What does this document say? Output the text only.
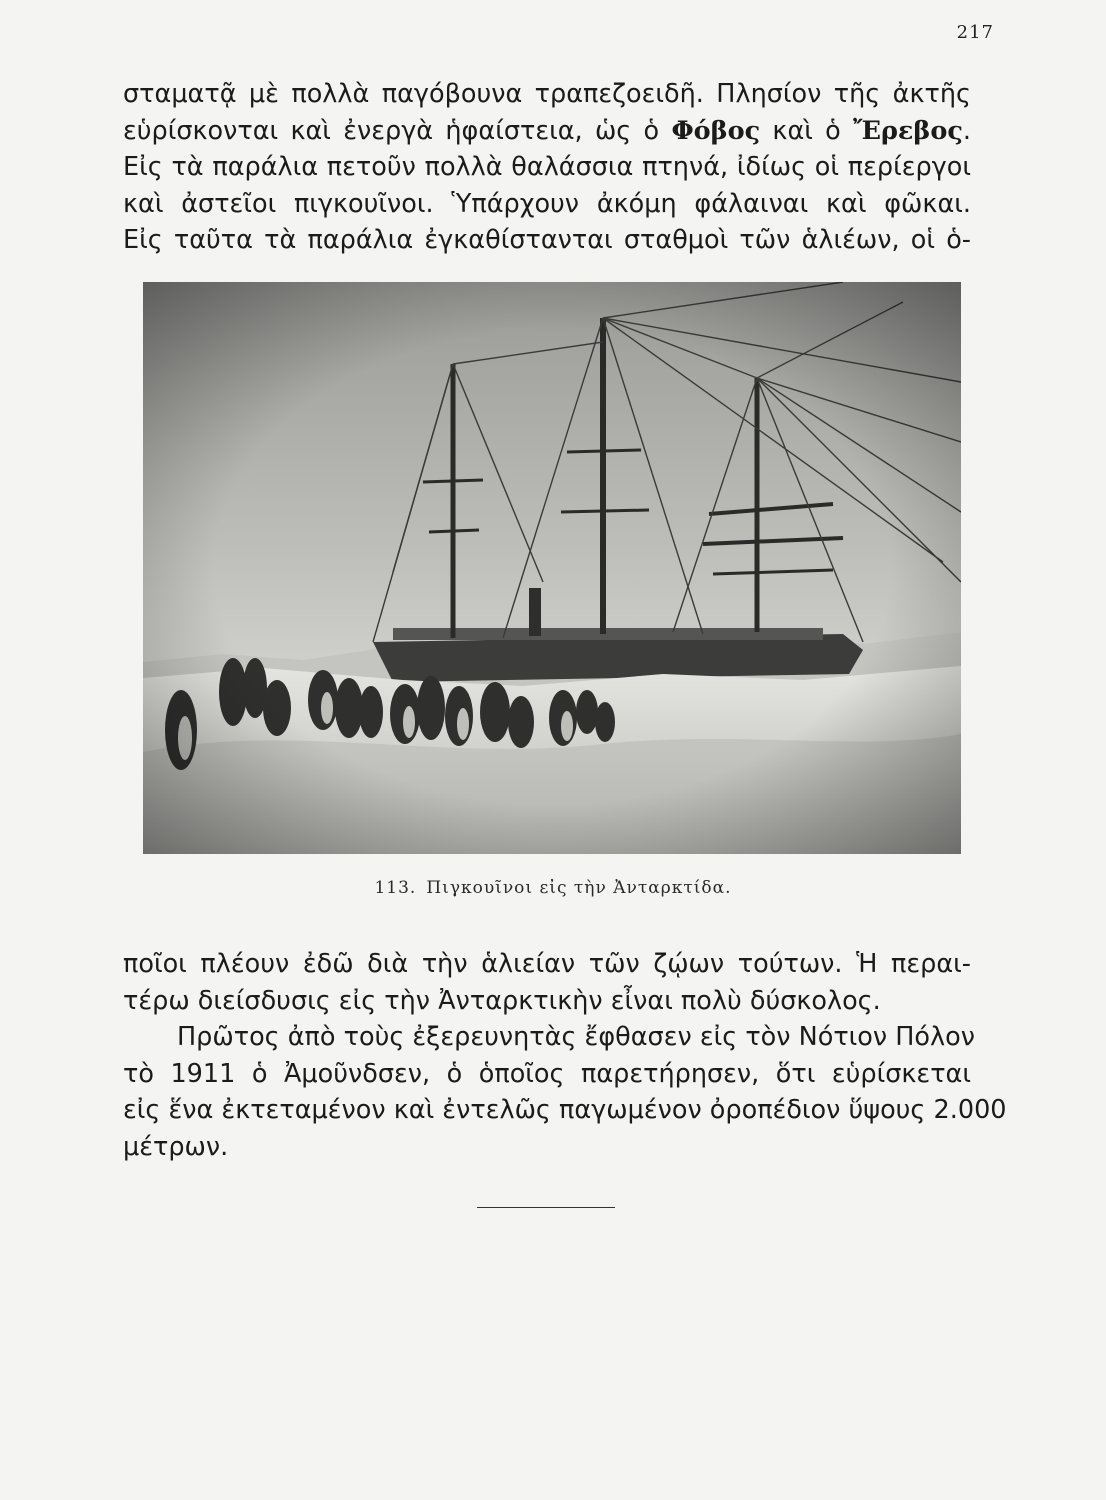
217
σταματᾷ μὲ πολλὰ παγόβουνα τραπεζοειδῆ. Πλησίον τῆς ἀκτῆς
εὑρίσκονται καὶ ἐνεργὰ ἡφαίστεια, ὡς ὁ Φόβος καὶ ὁ Ἔρεβος.
Εἰς τὰ παράλια πετοῦν πολλὰ θαλάσσια πτηνά, ἰδίως οἱ περίεργοι
καὶ ἀστεῖοι πιγκουῖνοι. Ὑπάρχουν ἀκόμη φάλαιναι καὶ φῶκαι.
Εἰς ταῦτα τὰ παράλια ἐγκαθίστανται σταθμοὶ τῶν ἁλιέων, οἱ ὁ-
113. Πιγκουῖνοι εἰς τὴν Ἀνταρκτίδα.
ποῖοι πλέουν ἐδῶ διὰ τὴν ἁλιείαν τῶν ζῴων τούτων. Ἡ περαι-
τέρω διείσδυσις εἰς τὴν Ἀνταρκτικὴν εἶναι πολὺ δύσκολος.
Πρῶτος ἀπὸ τοὺς ἐξερευνητὰς ἔφθασεν εἰς τὸν Νότιον Πόλον
τὸ 1911 ὁ Ἀμοῦνδσεν, ὁ ὁποῖος παρετήρησεν, ὅτι εὑρίσκεται
εἰς ἕνα ἐκτεταμένον καὶ ἐντελῶς παγωμένον ὀροπέδιον ὕψους 2.000
μέτρων.
